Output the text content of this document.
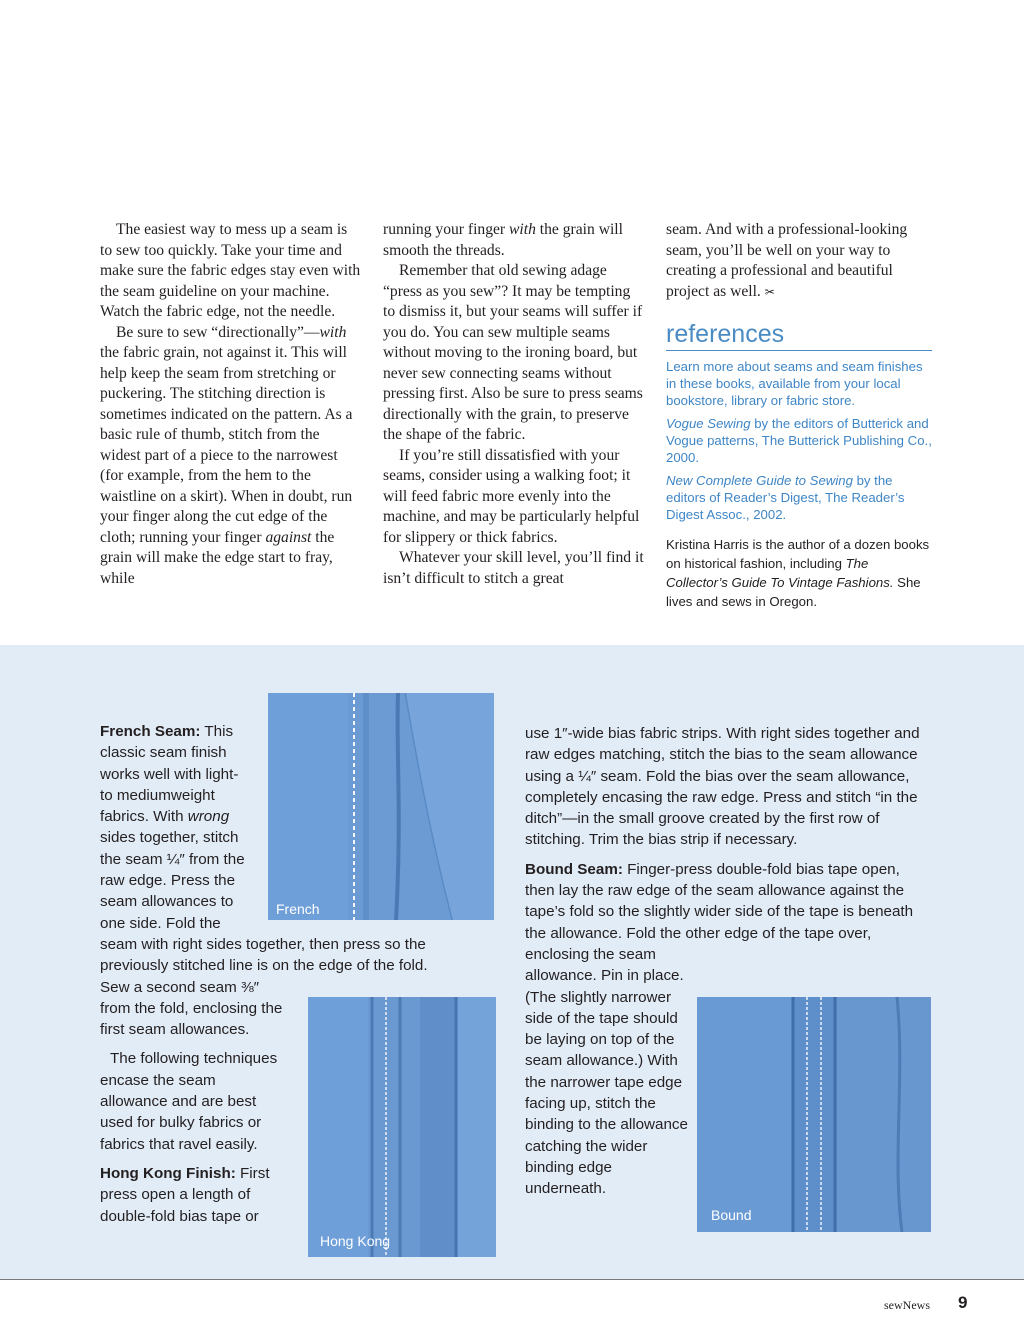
The easiest way to mess up a seam is to sew too quickly. Take your time and make sure the fabric edges stay even with the seam guideline on your machine. Watch the fabric edge, not the needle.

Be sure to sew “directionally”—with the fabric grain, not against it. This will help keep the seam from stretching or puckering. The stitching direction is sometimes indicated on the pattern. As a basic rule of thumb, stitch from the widest part of a piece to the narrowest (for example, from the hem to the waistline on a skirt). When in doubt, run your finger along the cut edge of the cloth; running your finger against the grain will make the edge start to fray, while

running your finger with the grain will smooth the threads.

Remember that old sewing adage “press as you sew”? It may be tempting to dismiss it, but your seams will suffer if you do. You can sew multiple seams without moving to the ironing board, but never sew connecting seams without pressing first. Also be sure to press seams directionally with the grain, to preserve the shape of the fabric.

If you’re still dissatisfied with your seams, consider using a walking foot; it will feed fabric more evenly into the machine, and may be particularly helpful for slippery or thick fabrics.

Whatever your skill level, you’ll find it isn’t difficult to stitch a great

seam. And with a professional-looking seam, you’ll be well on your way to creating a professional and beautiful project as well. ✂

references

Learn more about seams and seam finishes in these books, available from your local bookstore, library or fabric store.

Vogue Sewing by the editors of Butterick and Vogue patterns, The Butterick Publishing Co., 2000.

New Complete Guide to Sewing by the editors of Reader’s Digest, The Reader’s Digest Assoc., 2002.

Kristina Harris is the author of a dozen books on historical fashion, including The Collector’s Guide To Vintage Fashions. She lives and sews in Oregon.
French
Hong Kong
Bound

French Seam: This classic seam finish works well with light- to mediumweight fabrics. With wrong sides together, stitch the seam ¼″ from the raw edge. Press the seam allowances to one side. Fold the seam with right sides together, then press so the previously stitched line is on the edge of the fold.
Sew a second seam ⅜″ from the fold, enclosing the first seam allowances.

The following techniques encase the seam allowance and are best used for bulky fabrics or fabrics that ravel easily.

Hong Kong Finish: First press open a length of double-fold bias tape or

use 1″-wide bias fabric strips. With right sides together and raw edges matching, stitch the bias to the seam allowance using a ¼″ seam. Fold the bias over the seam allowance, completely encasing the raw edge. Press and stitch “in the ditch”—in the small groove created by the first row of stitching. Trim the bias strip if necessary.

Bound Seam: Finger-press double-fold bias tape open, then lay the raw edge of the seam allowance against the tape’s fold so the slightly wider side of the tape is beneath the allowance. Fold the other edge of the tape over, enclosing the
seam allowance. Pin in place. (The slightly narrower side of the tape should be laying on top of the seam allowance.) With the narrower tape edge facing up, stitch the binding to the allowance catching the wider binding edge underneath.

sewNews 9
